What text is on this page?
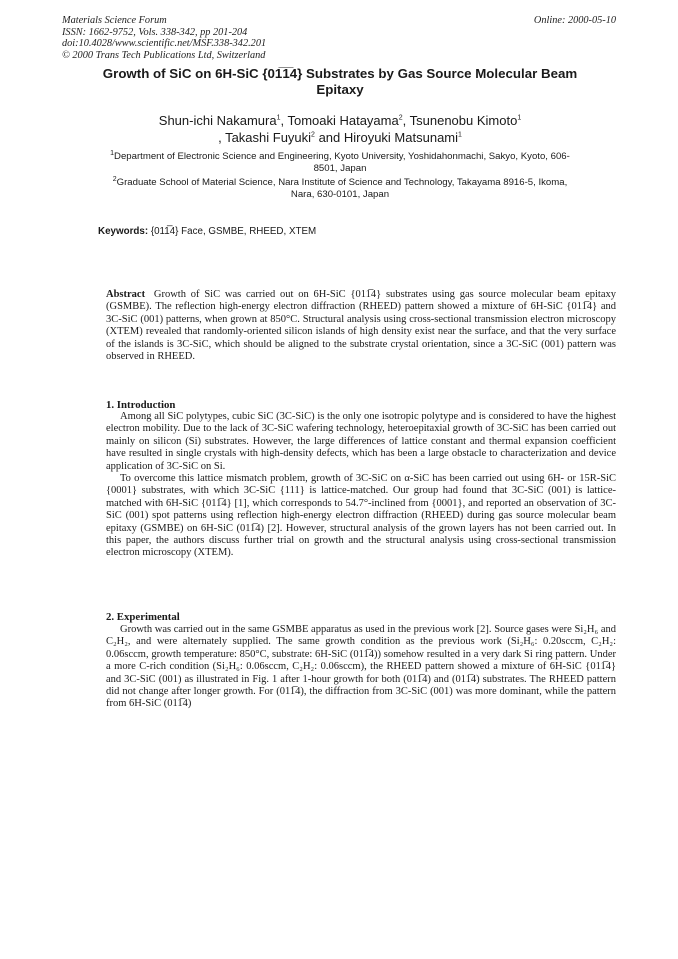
Materials Science Forum
ISSN: 1662-9752, Vols. 338-342, pp 201-204
doi:10.4028/www.scientific.net/MSF.338-342.201
© 2000 Trans Tech Publications Ltd, Switzerland
Online: 2000-05-10
Growth of SiC on 6H-SiC {01̅1̅4} Substrates by Gas Source Molecular Beam Epitaxy
Shun-ichi Nakamura$^1$, Tomoaki Hatayama$^2$, Tsunenobu Kimoto$^1$
, Takashi Fuyuki$^2$ and Hiroyuki Matsunami$^1$
$^1$Department of Electronic Science and Engineering, Kyoto University, Yoshidahonmachi, Sakyo, Kyoto, 606-8501, Japan
$^2$Graduate School of Material Science, Nara Institute of Science and Technology, Takayama 8916-5, Ikoma, Nara, 630-0101, Japan
Keywords: {011̅4} Face, GSMBE, RHEED, XTEM
Abstract Growth of SiC was carried out on 6H-SiC {011̅4} substrates using gas source molecular beam epitaxy (GSMBE). The reflection high-energy electron diffraction (RHEED) pattern showed a mixture of 6H-SiC {011̅4} and 3C-SiC (001) patterns, when grown at 850°C. Structural analysis using cross-sectional transmission electron microscopy (XTEM) revealed that randomly-oriented silicon islands of high density exist near the surface, and that the very surface of the islands is 3C-SiC, which should be aligned to the substrate crystal orientation, since a 3C-SiC (001) pattern was observed in RHEED.
1. Introduction

Among all SiC polytypes, cubic SiC (3C-SiC) is the only one isotropic polytype and is considered to have the highest electron mobility. Due to the lack of 3C-SiC wafering technology, heteroepitaxial growth of 3C-SiC has been carried out mainly on silicon (Si) substrates. However, the large differences of lattice constant and thermal expansion coefficient have resulted in single crystals with high-density defects, which has been a large obstacle to characterization and device application of 3C-SiC on Si.

To overcome this lattice mismatch problem, growth of 3C-SiC on α-SiC has been carried out using 6H- or 15R-SiC {0001} substrates, with which 3C-SiC {111} is lattice-matched. Our group had found that 3C-SiC (001) is lattice-matched with 6H-SiC {011̅4} [1], which corresponds to 54.7°-inclined from {0001}, and reported an observation of 3C-SiC (001) spot patterns using reflection high-energy electron diffraction (RHEED) during gas source molecular beam epitaxy (GSMBE) on 6H-SiC (011̅4) [2]. However, structural analysis of the grown layers has not been carried out. In this paper, the authors discuss further trial on growth and the structural analysis using cross-sectional transmission electron microscopy (XTEM).

2. Experimental

Growth was carried out in the same GSMBE apparatus as used in the previous work [2]. Source gases were Si₂H₆ and C₂H₂, and were alternately supplied. The same growth condition as the previous work (Si₂H₆: 0.20sccm, C₂H₂: 0.06sccm, growth temperature: 850°C, substrate: 6H-SiC (011̅4)) somehow resulted in a very dark Si ring pattern. Under a more C-rich condition (Si₂H₆: 0.06sccm, C₂H₂: 0.06sccm), the RHEED pattern showed a mixture of 6H-SiC {011̅4} and 3C-SiC (001) as illustrated in Fig. 1 after 1-hour growth for both (011̅4) and (011̅4) substrates. The RHEED pattern did not change after longer growth. For (011̅4), the diffraction from 3C-SiC (001) was more dominant, while the pattern from 6H-SiC (011̅4)
